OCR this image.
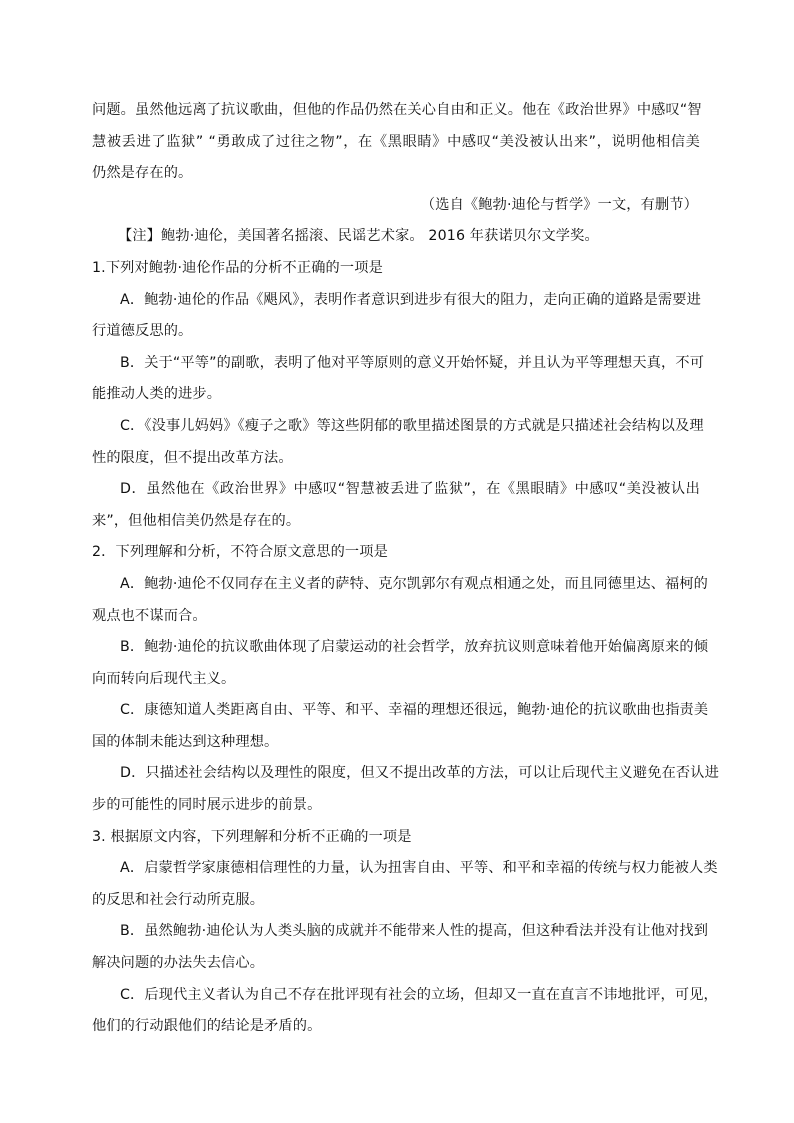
问题。虽然他远离了抗议歌曲，但他的作品仍然在关心自由和正义。他在《政治世界》中感叹“智
慧被丢进了监狱” “勇敢成了过往之物”，在《黑眼睛》中感叹“美没被认出来”，说明他相信美
仍然是存在的。
（选自《鲍勃·迪伦与哲学》一文，有删节）
【注】鲍勃·迪伦，美国著名摇滚、民谣艺术家。 2016 年获诺贝尔文学奖。
1.下列对鲍勃·迪伦作品的分析不正确的一项是
A．鲍勃·迪伦的作品《飓风》，表明作者意识到进步有很大的阻力，走向正确的道路是需要进
行道德反思的。
B．关于“平等”的副歌，表明了他对平等原则的意义开始怀疑，并且认为平等理想天真，不可
能推动人类的进步。
C．《没事儿妈妈》《瘦子之歌》等这些阴郁的歌里描述图景的方式就是只描述社会结构以及理
性的限度，但不提出改革方法。
D．虽然他在《政治世界》中感叹“智慧被丢进了监狱”，在《黑眼睛》中感叹“美没被认出
来”，但他相信美仍然是存在的。
2．下列理解和分析，不符合原文意思的一项是
A．鲍勃·迪伦不仅同存在主义者的萨特、克尔凯郭尔有观点相通之处，而且同德里达、福柯的
观点也不谋而合。
B．鲍勃·迪伦的抗议歌曲体现了启蒙运动的社会哲学，放弃抗议则意味着他开始偏离原来的倾
向而转向后现代主义。
C．康德知道人类距离自由、平等、和平、幸福的理想还很远，鲍勃·迪伦的抗议歌曲也指责美
国的体制未能达到这种理想。
D．只描述社会结构以及理性的限度，但又不提出改革的方法，可以让后现代主义避免在否认进
步的可能性的同时展示进步的前景。
3. 根据原文内容，下列理解和分析不正确的一项是
A．启蒙哲学家康德相信理性的力量，认为扭害自由、平等、和平和幸福的传统与权力能被人类
的反思和社会行动所克服。
B．虽然鲍勃·迪伦认为人类头脑的成就并不能带来人性的提高，但这种看法并没有让他对找到
解决问题的办法失去信心。
C．后现代主义者认为自己不存在批评现有社会的立场，但却又一直在直言不讳地批评，可见，
他们的行动跟他们的结论是矛盾的。
